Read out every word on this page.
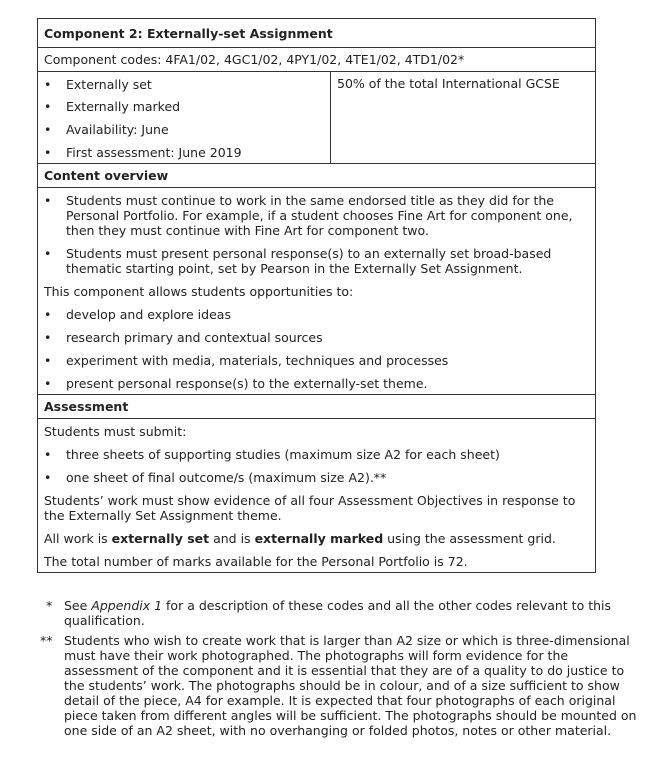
Component 2: Externally-set Assignment
Component codes: 4FA1/02, 4GC1/02, 4PY1/02, 4TE1/02, 4TD1/02*
•	Externally set
•	Externally marked
•	Availability: June
•	First assessment: June 2019
50% of the total International GCSE
Content overview
•	Students must continue to work in the same endorsed title as they did for the Personal Portfolio. For example, if a student chooses Fine Art for component one, then they must continue with Fine Art for component two.
•	Students must present personal response(s) to an externally set broad-based thematic starting point, set by Pearson in the Externally Set Assignment.
This component allows students opportunities to:
•	develop and explore ideas
•	research primary and contextual sources
•	experiment with media, materials, techniques and processes
•	present personal response(s) to the externally-set theme.
Assessment
Students must submit:
•	three sheets of supporting studies (maximum size A2 for each sheet)
•	one sheet of final outcome/s (maximum size A2).**
Students’ work must show evidence of all four Assessment Objectives in response to the Externally Set Assignment theme.
All work is externally set and is externally marked using the assessment grid.
The total number of marks available for the Personal Portfolio is 72.
* See Appendix 1 for a description of these codes and all the other codes relevant to this qualification.
** Students who wish to create work that is larger than A2 size or which is three-dimensional must have their work photographed. The photographs will form evidence for the assessment of the component and it is essential that they are of a quality to do justice to the students’ work. The photographs should be in colour, and of a size sufficient to show detail of the piece, A4 for example. It is expected that four photographs of each original piece taken from different angles will be sufficient. The photographs should be mounted on one side of an A2 sheet, with no overhanging or folded photos, notes or other material.
